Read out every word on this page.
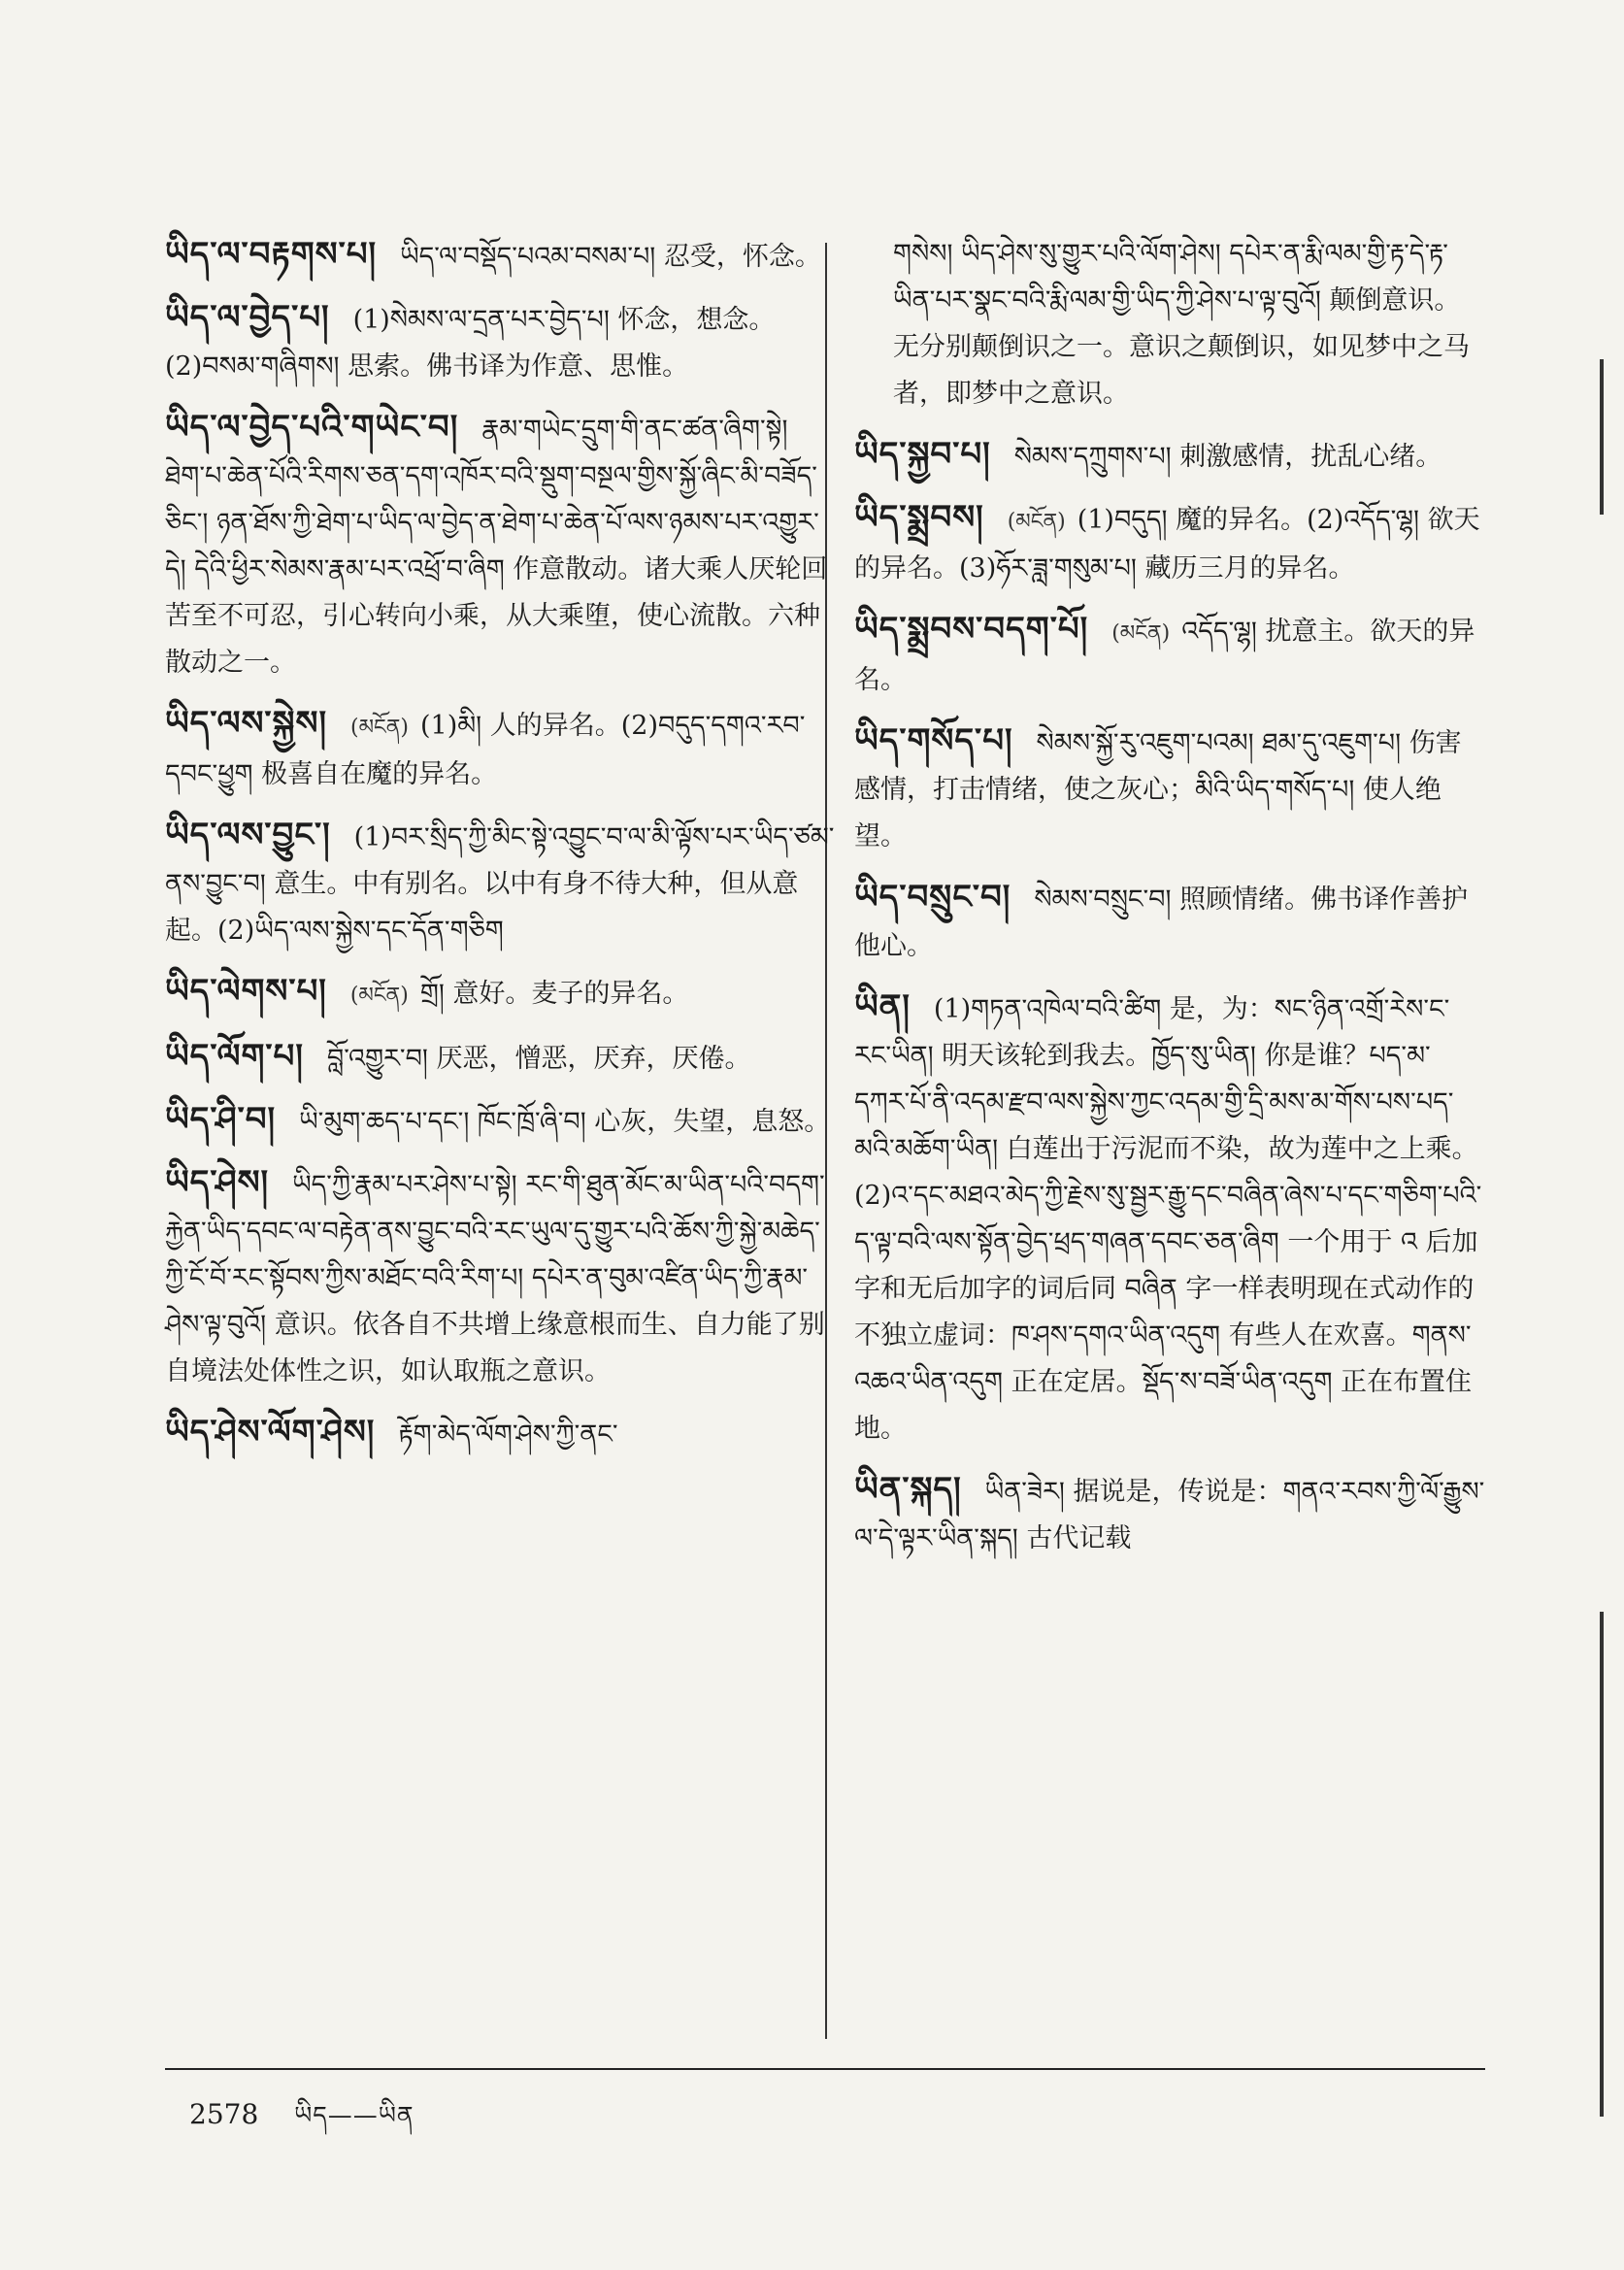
ཡིད་ལ་བརྟགས་པ། ཡིད་ལ་བསྡོད་པའམ་བསམ་པ། 忍受，怀念。
ཡིད་ལ་བྱེད་པ། (1)སེམས་ལ་དྲན་པར་བྱེད་པ། 怀念，想念。(2)བསམ་གཞིགས། 思索。佛书译为作意、思惟。
ཡིད་ལ་བྱེད་པའི་གཡེང་བ། རྣམ་གཡེང་དྲུག་གི་ནང་ཚན་ཞིག་སྟེ། ཐེག་པ་ཆེན་པོའི་རིགས་ཅན་དག་འཁོར་བའི་སྡུག་བསྔལ་གྱིས་སྐྱོ་ཞིང་མི་བཟོད་ཅིང་། ཉན་ཐོས་ཀྱི་ཐེག་པ་ཡིད་ལ་བྱེད་ན་ཐེག་པ་ཆེན་པོ་ལས་ཉམས་པར་འགྱུར་དེ། དེའི་ཕྱིར་སེམས་རྣམ་པར་འཕྲོ་བ་ཞིག 作意散动。诸大乘人厌轮回苦至不可忍，引心转向小乘，从大乘堕，使心流散。六种散动之一。
ཡིད་ལས་སྐྱེས། (མངོན) (1)མི། 人的异名。(2)བདུད་དགའ་རབ་དབང་ཕྱུག 极喜自在魔的异名。
ཡིད་ལས་བྱུང་། (1)བར་སྲིད་ཀྱི་མིང་སྟེ་འབྱུང་བ་ལ་མི་ལྟོས་པར་ཡིད་ཙམ་ནས་བྱུང་བ། 意生。中有别名。以中有身不待大种，但从意起。(2)ཡིད་ལས་སྐྱེས་དང་དོན་གཅིག
ཡིད་ལེགས་པ། (མངོན) གྲོ། 意好。麦子的异名。
ཡིད་ལོག་པ། བློ་འགྱུར་བ། 厌恶，憎恶，厌弃，厌倦。
ཡིད་ཤི་བ། ཡི་མུག་ཆད་པ་དང་། ཁོང་ཁྲོ་ཞི་བ། 心灰，失望，息怒。
ཡིད་ཤེས། ཡིད་ཀྱི་རྣམ་པར་ཤེས་པ་སྟེ། རང་གི་ཐུན་མོང་མ་ཡིན་པའི་བདག་རྐྱེན་ཡིད་དབང་ལ་བརྟེན་ནས་བྱུང་བའི་རང་ཡུལ་དུ་གྱུར་པའི་ཆོས་ཀྱི་སྐྱེ་མཆེད་ཀྱི་ངོ་བོ་རང་སྟོབས་ཀྱིས་མཐོང་བའི་རིག་པ། དཔེར་ན་བུམ་འཛིན་ཡིད་ཀྱི་རྣམ་ཤེས་ལྟ་བུའོ། 意识。依各自不共增上缘意根而生、自力能了别自境法处体性之识，如认取瓶之意识。
ཡིད་ཤེས་ལོག་ཤེས། རྟོག་མེད་ལོག་ཤེས་ཀྱི་ནང་
གསེས། ཡིད་ཤེས་སུ་གྱུར་པའི་ལོག་ཤེས། དཔེར་ན་རྨི་ལམ་གྱི་རྟ་དེ་རྟ་ཡིན་པར་སྣང་བའི་རྨི་ལམ་གྱི་ཡིད་ཀྱི་ཤེས་པ་ལྟ་བུའོ། 颠倒意识。无分别颠倒识之一。意识之颠倒识，如见梦中之马者，即梦中之意识。
ཡིད་སྐྱབ་པ། སེམས་དཀྲུགས་པ། 刺激感情，扰乱心绪。
ཡིད་སྨྲབས། (མངོན) (1)བདུད། 魔的异名。(2)འདོད་ལྷ། 欲天的异名。(3)ཧོར་ཟླ་གསུམ་པ། 藏历三月的异名。
ཡིད་སྨྲབས་བདག་པོ། (མངོན) འདོད་ལྷ། 扰意主。欲天的异名。
ཡིད་གསོད་པ། སེམས་སྐྱོ་རུ་འཇུག་པའམ། ཐམ་དུ་འཇུག་པ། 伤害感情，打击情绪，使之灰心；མིའི་ཡིད་གསོད་པ། 使人绝望。
ཡིད་བསྲུང་བ། སེམས་བསྲུང་བ། 照顾情绪。佛书译作善护他心。
ཡིན། (1)གཏན་འཁེལ་བའི་ཚིག 是，为：སང་ཉིན་འགྲོ་རེས་ང་རང་ཡིན། 明天该轮到我去。ཁྱོད་སུ་ཡིན། 你是谁？པད་མ་དཀར་པོ་ནི་འདམ་རྫབ་ལས་སྐྱེས་ཀྱང་འདམ་གྱི་དྲི་མས་མ་གོས་པས་པད་མའི་མཆོག་ཡིན། 白莲出于污泥而不染，故为莲中之上乘。(2)འ་དང་མཐའ་མེད་ཀྱི་རྗེས་སུ་སྦྱར་རྒྱུ་དང་བཞིན་ཞེས་པ་དང་གཅིག་པའི་ད་ལྟ་བའི་ལས་སྟོན་བྱེད་ཕྲད་གཞན་དབང་ཅན་ཞིག 一个用于 འ 后加字和无后加字的词后同 བཞིན 字一样表明现在式动作的不独立虚词：ཁ་ཤས་དགའ་ཡིན་འདུག 有些人在欢喜。གནས་འཆའ་ཡིན་འདུག 正在定居。སྡོད་ས་བཟོ་ཡིན་འདུག 正在布置住地。
ཡིན་སྐད། ཡིན་ཟེར། 据说是，传说是：གནའ་རབས་ཀྱི་ལོ་རྒྱུས་ལ་དེ་ལྟར་ཡིན་སྐད། 古代记载
2578 ཡིད——ཡིན
